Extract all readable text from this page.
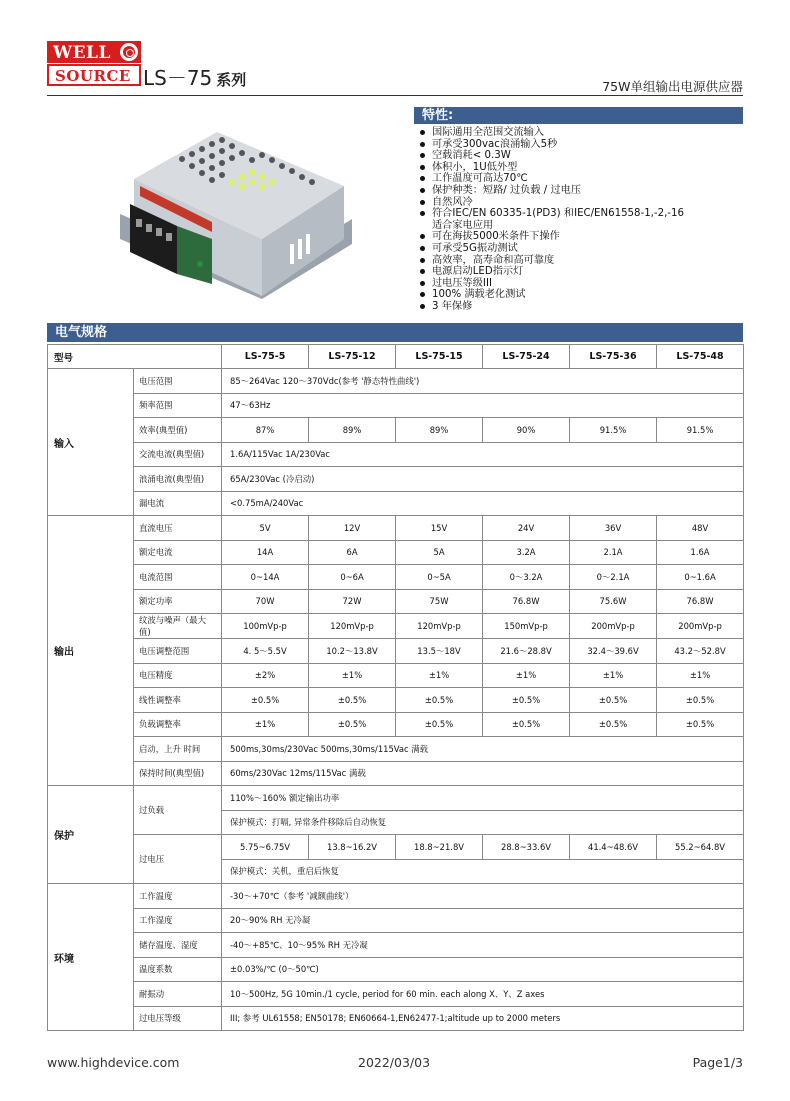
WELL
SOURCE LS－75 系列	75W单组输出电源供应器
特性:
国际通用全范围交流输入
可承受300vac浪涌输入5秒
空载消耗< 0.3W
体积小，1U低外型
工作温度可高达70℃
保护种类：短路/ 过负载 / 过电压
自然风冷
符合IEC/EN 60335-1(PD3) 和IEC/EN61558-1,-2,-16
适合家电应用
可在海拔5000米条件下操作
可承受5G振动测试
高效率，高寿命和高可靠度
电源启动LED指示灯
过电压等级III
100% 满载老化测试
3 年保修
电气规格
型号		LS-75-5	LS-75-12	LS-75-15	LS-75-24	LS-75-36	LS-75-48
输入	电压范围	85～264Vac 120～370Vdc(参考 '静态特性曲线')					
	频率范围	47～63Hz					
	效率(典型值)	87%	89%	89%	90%	91.5%	91.5%
	交流电流(典型值)	1.6A/115Vac 1A/230Vac					
	浪涌电流(典型值)	65A/230Vac (冷启动)					
	漏电流	<0.75mA/240Vac					
输出	直流电压	5V	12V	15V	24V	36V	48V
	额定电流	14A	6A	5A	3.2A	2.1A	1.6A
	电流范围	0~14A	0~6A	0~5A	0～3.2A	0～2.1A	0~1.6A
	额定功率	70W	72W	75W	76.8W	75.6W	76.8W
	纹波与噪声（最大值)	100mVp-p	120mVp-p	120mVp-p	150mVp-p	200mVp-p	200mVp-p
	电压调整范围	4. 5～5.5V	10.2～13.8V	13.5～18V	21.6～28.8V	32.4～39.6V	43.2～52.8V
	电压精度	±2%	±1%	±1%	±1%	±1%	±1%
	线性调整率	±0.5%	±0.5%	±0.5%	±0.5%	±0.5%	±0.5%
	负载调整率	±1%	±0.5%	±0.5%	±0.5%	±0.5%	±0.5%
	启动，上升 时间	500ms,30ms/230Vac 500ms,30ms/115Vac 满载					
	保持时间(典型值)	60ms/230Vac 12ms/115Vac 满载					
保护	过负载	110%～160% 额定输出功率					
		保护模式：打嗝, 异常条件移除后自动恢复					
	过电压	5.75~6.75V	13.8~16.2V	18.8~21.8V	28.8~33.6V	41.4~48.6V	55.2~64.8V
		保护模式：关机，重启后恢复					
环境	工作温度	-30～+70℃（参考 '减额曲线'）					
	工作湿度	20～90% RH 无冷凝					
	储存温度、湿度	-40～+85℃、10～95% RH 无冷凝					
	温度系数	±0.03%/℃ (0～50℃)					
	耐振动	10～500Hz, 5G 10min./1 cycle, period for 60 min. each along X、Y、Z axes					
	过电压等级	III; 参考 UL61558; EN50178; EN60664-1,EN62477-1;altitude up to 2000 meters					
www.highdevice.com	2022/03/03	Page1/3
